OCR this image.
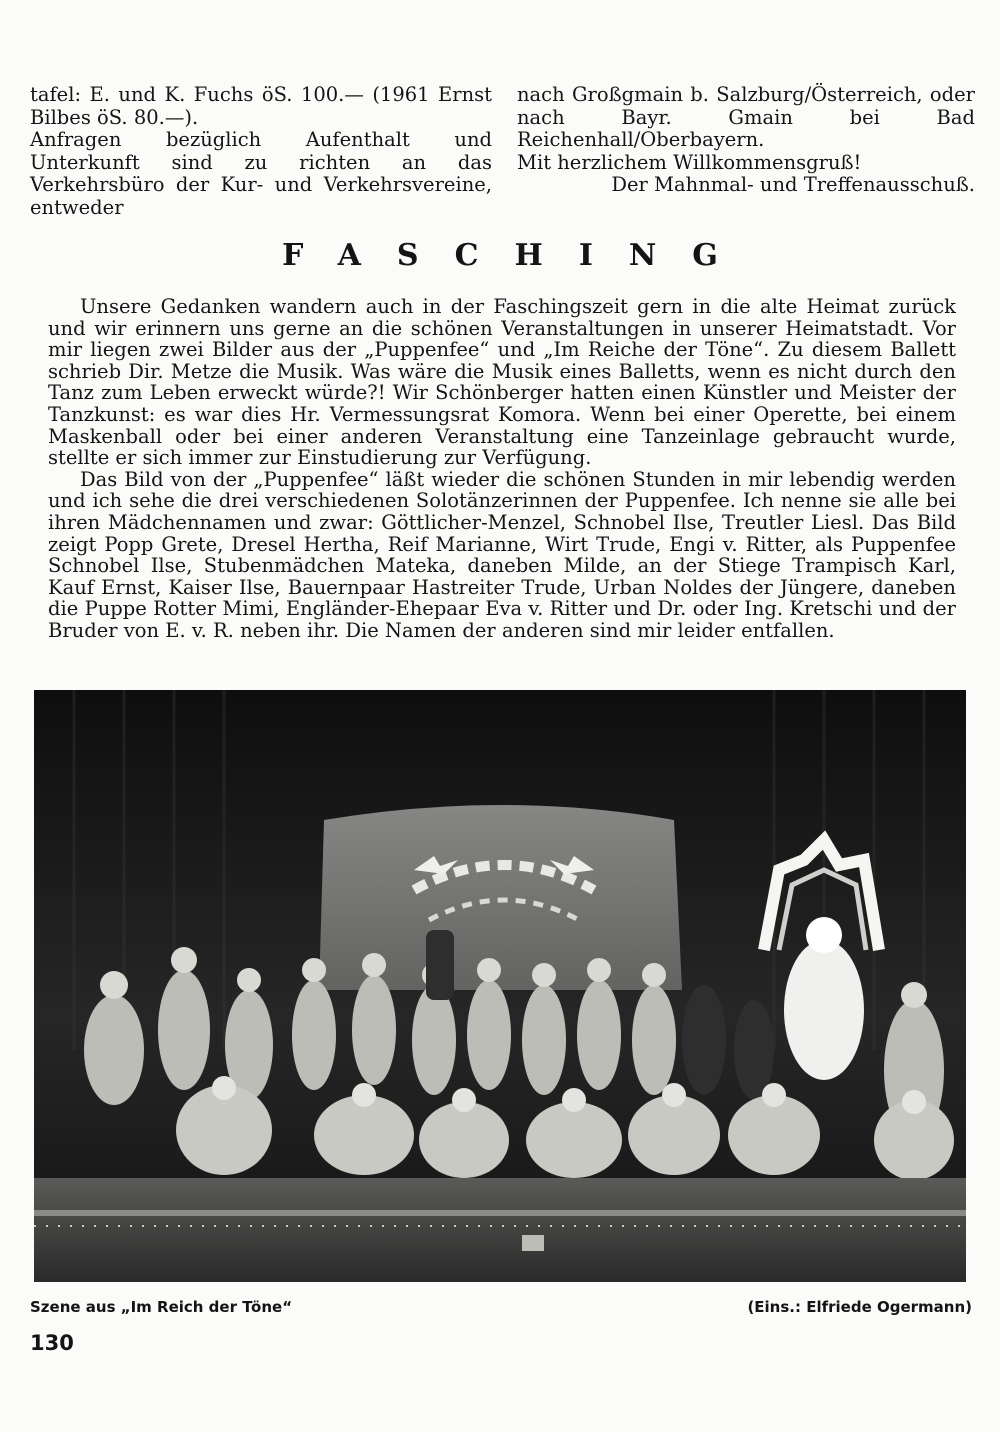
tafel: E. und K. Fuchs öS. 100.— (1961 Ernst Bilbes öS. 80.—).

Anfragen bezüglich Aufenthalt und Unterkunft sind zu richten an das Verkehrsbüro der Kur- und Verkehrsvereine, entweder

nach Großgmain b. Salzburg/Österreich, oder nach Bayr. Gmain bei Bad Reichenhall/Oberbayern.

Mit herzlichem Willkommensgruß!

Der Mahnmal- und Treffenausschuß.

FASCHING

Unsere Gedanken wandern auch in der Faschingszeit gern in die alte Heimat zurück und wir erinnern uns gerne an die schönen Veranstaltungen in unserer Heimatstadt. Vor mir liegen zwei Bilder aus der „Puppenfee“ und „Im Reiche der Töne“. Zu diesem Ballett schrieb Dir. Metze die Musik. Was wäre die Musik eines Balletts, wenn es nicht durch den Tanz zum Leben erweckt würde?! Wir Schönberger hatten einen Künstler und Meister der Tanzkunst: es war dies Hr. Vermessungsrat Komora. Wenn bei einer Operette, bei einem Maskenball oder bei einer anderen Veranstaltung eine Tanzeinlage gebraucht wurde, stellte er sich immer zur Einstudierung zur Verfügung.

Das Bild von der „Puppenfee“ läßt wieder die schönen Stunden in mir lebendig werden und ich sehe die drei verschiedenen Solotänzerinnen der Puppenfee. Ich nenne sie alle bei ihren Mädchennamen und zwar: Göttlicher-Menzel, Schnobel Ilse, Treutler Liesl. Das Bild zeigt Popp Grete, Dresel Hertha, Reif Marianne, Wirt Trude, Engi v. Ritter, als Puppenfee Schnobel Ilse, Stubenmädchen Mateka, daneben Milde, an der Stiege Trampisch Karl, Kauf Ernst, Kaiser Ilse, Bauernpaar Hastreiter Trude, Urban Noldes der Jüngere, daneben die Puppe Rotter Mimi, Engländer-Ehepaar Eva v. Ritter und Dr. oder Ing. Kretschi und der Bruder von E. v. R. neben ihr. Die Namen der anderen sind mir leider entfallen.

Szene aus „Im Reich der Töne“	(Eins.: Elfriede Ogermann)
130
